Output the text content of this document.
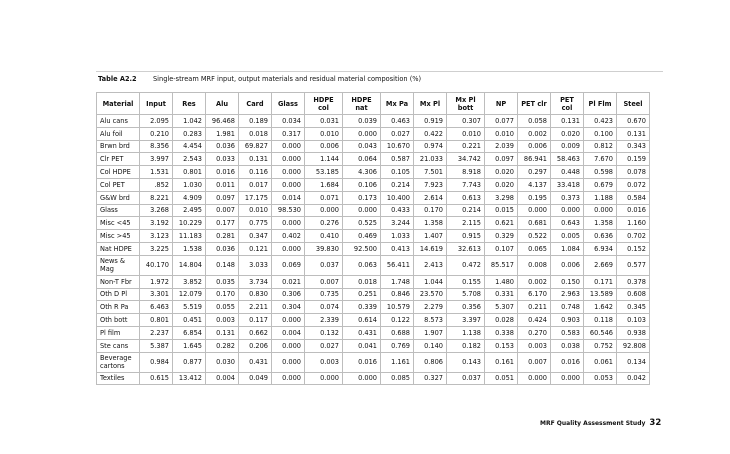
Table A2.2 Single-stream MRF input, output materials and residual material composition (%)
Material	Input	Res	Alu	Card	Glass	HDPE col	HDPE nat	Mx Pa	Mx Pl	Mx Pl bott	NP	PET clr	PET col	Pl Flm	Steel
Alu cans	2.095	1.042	96.468	0.189	0.034	0.031	0.039	0.463	0.919	0.307	0.077	0.058	0.131	0.423	0.670
Alu foil	0.210	0.283	1.981	0.018	0.317	0.010	0.000	0.027	0.422	0.010	0.010	0.002	0.020	0.100	0.131
Brwn brd	8.356	4.454	0.036	69.827	0.000	0.006	0.043	10.670	0.974	0.221	2.039	0.006	0.009	0.812	0.343
Clr PET	3.997	2.543	0.033	0.131	0.000	1.144	0.064	0.587	21.033	34.742	0.097	86.941	58.463	7.670	0.159
Col HDPE	1.531	0.801	0.016	0.116	0.000	53.185	4.306	0.105	7.501	8.918	0.020	0.297	0.448	0.598	0.078
Col PET	.852	1.030	0.011	0.017	0.000	1.684	0.106	0.214	7.923	7.743	0.020	4.137	33.418	0.679	0.072
G&W brd	8.221	4.909	0.097	17.175	0.014	0.071	0.173	10.400	2.614	0.613	3.298	0.195	0.373	1.188	0.584
Glass	3.268	2.495	0.007	0.010	98.530	0.000	0.000	0.433	0.170	0.214	0.015	0.000	0.000	0.000	0.016
Misc <45	3.192	10.229	0.177	0.775	0.000	0.276	0.525	3.244	1.358	2.115	0.621	0.681	0.643	1.358	1.160
Misc >45	3.123	11.183	0.281	0.347	0.402	0.410	0.469	1.033	1.407	0.915	0.329	0.522	0.005	0.636	0.702
Nat HDPE	3.225	1.538	0.036	0.121	0.000	39.830	92.500	0.413	14.619	32.613	0.107	0.065	1.084	6.934	0.152
News & Mag	40.170	14.804	0.148	3.033	0.069	0.037	0.063	56.411	2.413	0.472	85.517	0.008	0.006	2.669	0.577
Non-T Fbr	1.972	3.852	0.035	3.734	0.021	0.007	0.018	1.748	1.044	0.155	1.480	0.002	0.150	0.171	0.378
Oth D Pl	3.301	12.079	0.170	0.830	0.306	0.735	0.251	0.846	23.570	5.708	0.331	6.170	2.963	13.589	0.608
Oth R Pa	6.463	5.519	0.055	2.211	0.304	0.074	0.339	10.579	2.279	0.356	5.307	0.211	0.748	1.642	0.345
Oth bott	0.801	0.451	0.003	0.117	0.000	2.339	0.614	0.122	8.573	3.397	0.028	0.424	0.903	0.118	0.103
Pl film	2.237	6.854	0.131	0.662	0.004	0.132	0.431	0.688	1.907	1.138	0.338	0.270	0.583	60.546	0.938
Ste cans	5.387	1.645	0.282	0.206	0.000	0.027	0.041	0.769	0.140	0.182	0.153	0.003	0.038	0.752	92.808
Beverage cartons	0.984	0.877	0.030	0.431	0.000	0.003	0.016	1.161	0.806	0.143	0.161	0.007	0.016	0.061	0.134
Textiles	0.615	13.412	0.004	0.049	0.000	0.000	0.000	0.085	0.327	0.037	0.051	0.000	0.000	0.053	0.042
MRF Quality Assessment Study 32
